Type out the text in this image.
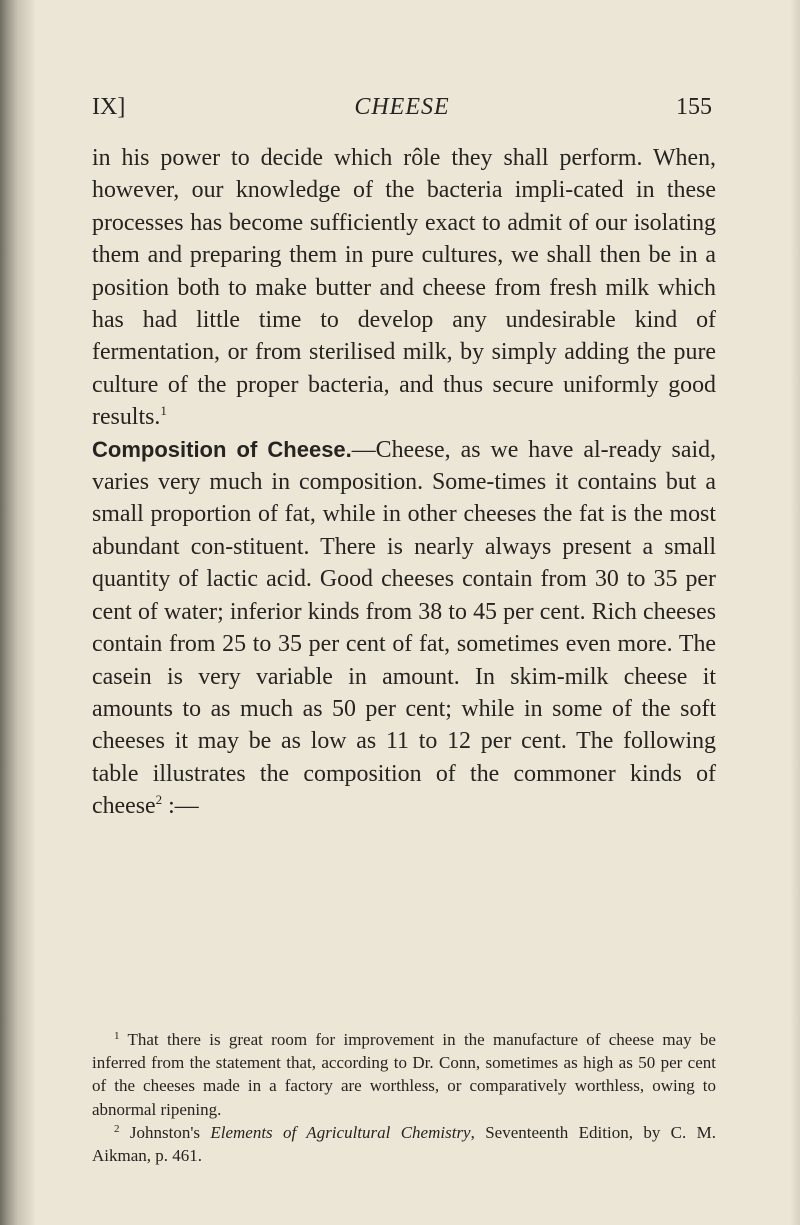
IX]	CHEESE	155

in his power to decide which rôle they shall perform. When, however, our knowledge of the bacteria impli-cated in these processes has become sufficiently exact to admit of our isolating them and preparing them in pure cultures, we shall then be in a position both to make butter and cheese from fresh milk which has had little time to develop any undesirable kind of fermentation, or from sterilised milk, by simply adding the pure culture of the proper bacteria, and thus secure uniformly good results.$^1$

Composition of Cheese.—Cheese, as we have al-ready said, varies very much in composition. Some-times it contains but a small proportion of fat, while in other cheeses the fat is the most abundant con-stituent. There is nearly always present a small quantity of lactic acid. Good cheeses contain from 30 to 35 per cent of water; inferior kinds from 38 to 45 per cent. Rich cheeses contain from 25 to 35 per cent of fat, sometimes even more. The casein is very variable in amount. In skim-milk cheese it amounts to as much as 50 per cent; while in some of the soft cheeses it may be as low as 11 to 12 per cent. The following table illustrates the composition of the commoner kinds of cheese$^2$ :—

$^1$ That there is great room for improvement in the manufacture of cheese may be inferred from the statement that, according to Dr. Conn, sometimes as high as 50 per cent of the cheeses made in a factory are worthless, or comparatively worthless, owing to abnormal ripening.

$^2$ Johnston's Elements of Agricultural Chemistry, Seventeenth Edition, by C. M. Aikman, p. 461.
